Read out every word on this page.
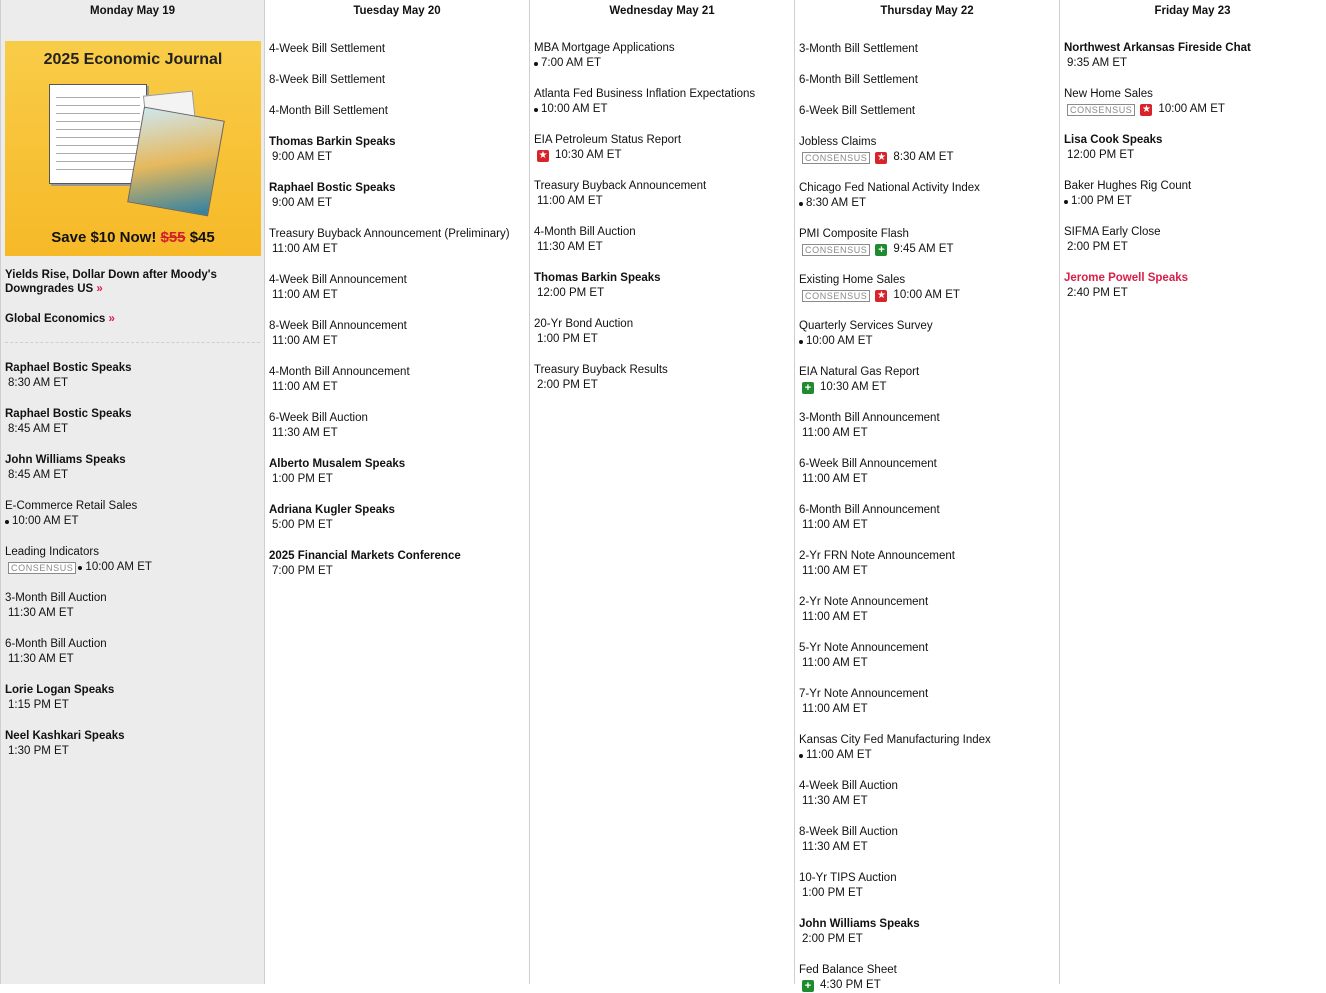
Monday May 19
2025 Economic Journal
Save $10 Now! $55 $45
Yields Rise, Dollar Down after Moody's Downgrades US »
Global Economics »
Raphael Bostic Speaks
8:30 AM ET
Raphael Bostic Speaks
8:45 AM ET
John Williams Speaks
8:45 AM ET
E-Commerce Retail Sales
10:00 AM ET
Leading Indicators
CONSENSUS 10:00 AM ET
3-Month Bill Auction
11:30 AM ET
6-Month Bill Auction
11:30 AM ET
Lorie Logan Speaks
1:15 PM ET
Neel Kashkari Speaks
1:30 PM ET
Tuesday May 20
4-Week Bill Settlement
8-Week Bill Settlement
4-Month Bill Settlement
Thomas Barkin Speaks
9:00 AM ET
Raphael Bostic Speaks
9:00 AM ET
Treasury Buyback Announcement (Preliminary)
11:00 AM ET
4-Week Bill Announcement
11:00 AM ET
8-Week Bill Announcement
11:00 AM ET
4-Month Bill Announcement
11:00 AM ET
6-Week Bill Auction
11:30 AM ET
Alberto Musalem Speaks
1:00 PM ET
Adriana Kugler Speaks
5:00 PM ET
2025 Financial Markets Conference
7:00 PM ET
Wednesday May 21
MBA Mortgage Applications
7:00 AM ET
Atlanta Fed Business Inflation Expectations
10:00 AM ET
EIA Petroleum Status Report
★ 10:30 AM ET
Treasury Buyback Announcement
11:00 AM ET
4-Month Bill Auction
11:30 AM ET
Thomas Barkin Speaks
12:00 PM ET
20-Yr Bond Auction
1:00 PM ET
Treasury Buyback Results
2:00 PM ET
Thursday May 22
3-Month Bill Settlement
6-Month Bill Settlement
6-Week Bill Settlement
Jobless Claims
CONSENSUS ★ 8:30 AM ET
Chicago Fed National Activity Index
8:30 AM ET
PMI Composite Flash
CONSENSUS + 9:45 AM ET
Existing Home Sales
CONSENSUS ★ 10:00 AM ET
Quarterly Services Survey
10:00 AM ET
EIA Natural Gas Report
+ 10:30 AM ET
3-Month Bill Announcement
11:00 AM ET
6-Week Bill Announcement
11:00 AM ET
6-Month Bill Announcement
11:00 AM ET
2-Yr FRN Note Announcement
11:00 AM ET
2-Yr Note Announcement
11:00 AM ET
5-Yr Note Announcement
11:00 AM ET
7-Yr Note Announcement
11:00 AM ET
Kansas City Fed Manufacturing Index
11:00 AM ET
4-Week Bill Auction
11:30 AM ET
8-Week Bill Auction
11:30 AM ET
10-Yr TIPS Auction
1:00 PM ET
John Williams Speaks
2:00 PM ET
Fed Balance Sheet
+ 4:30 PM ET
Friday May 23
Northwest Arkansas Fireside Chat
9:35 AM ET
New Home Sales
CONSENSUS ★ 10:00 AM ET
Lisa Cook Speaks
12:00 PM ET
Baker Hughes Rig Count
1:00 PM ET
SIFMA Early Close
2:00 PM ET
Jerome Powell Speaks
2:40 PM ET
